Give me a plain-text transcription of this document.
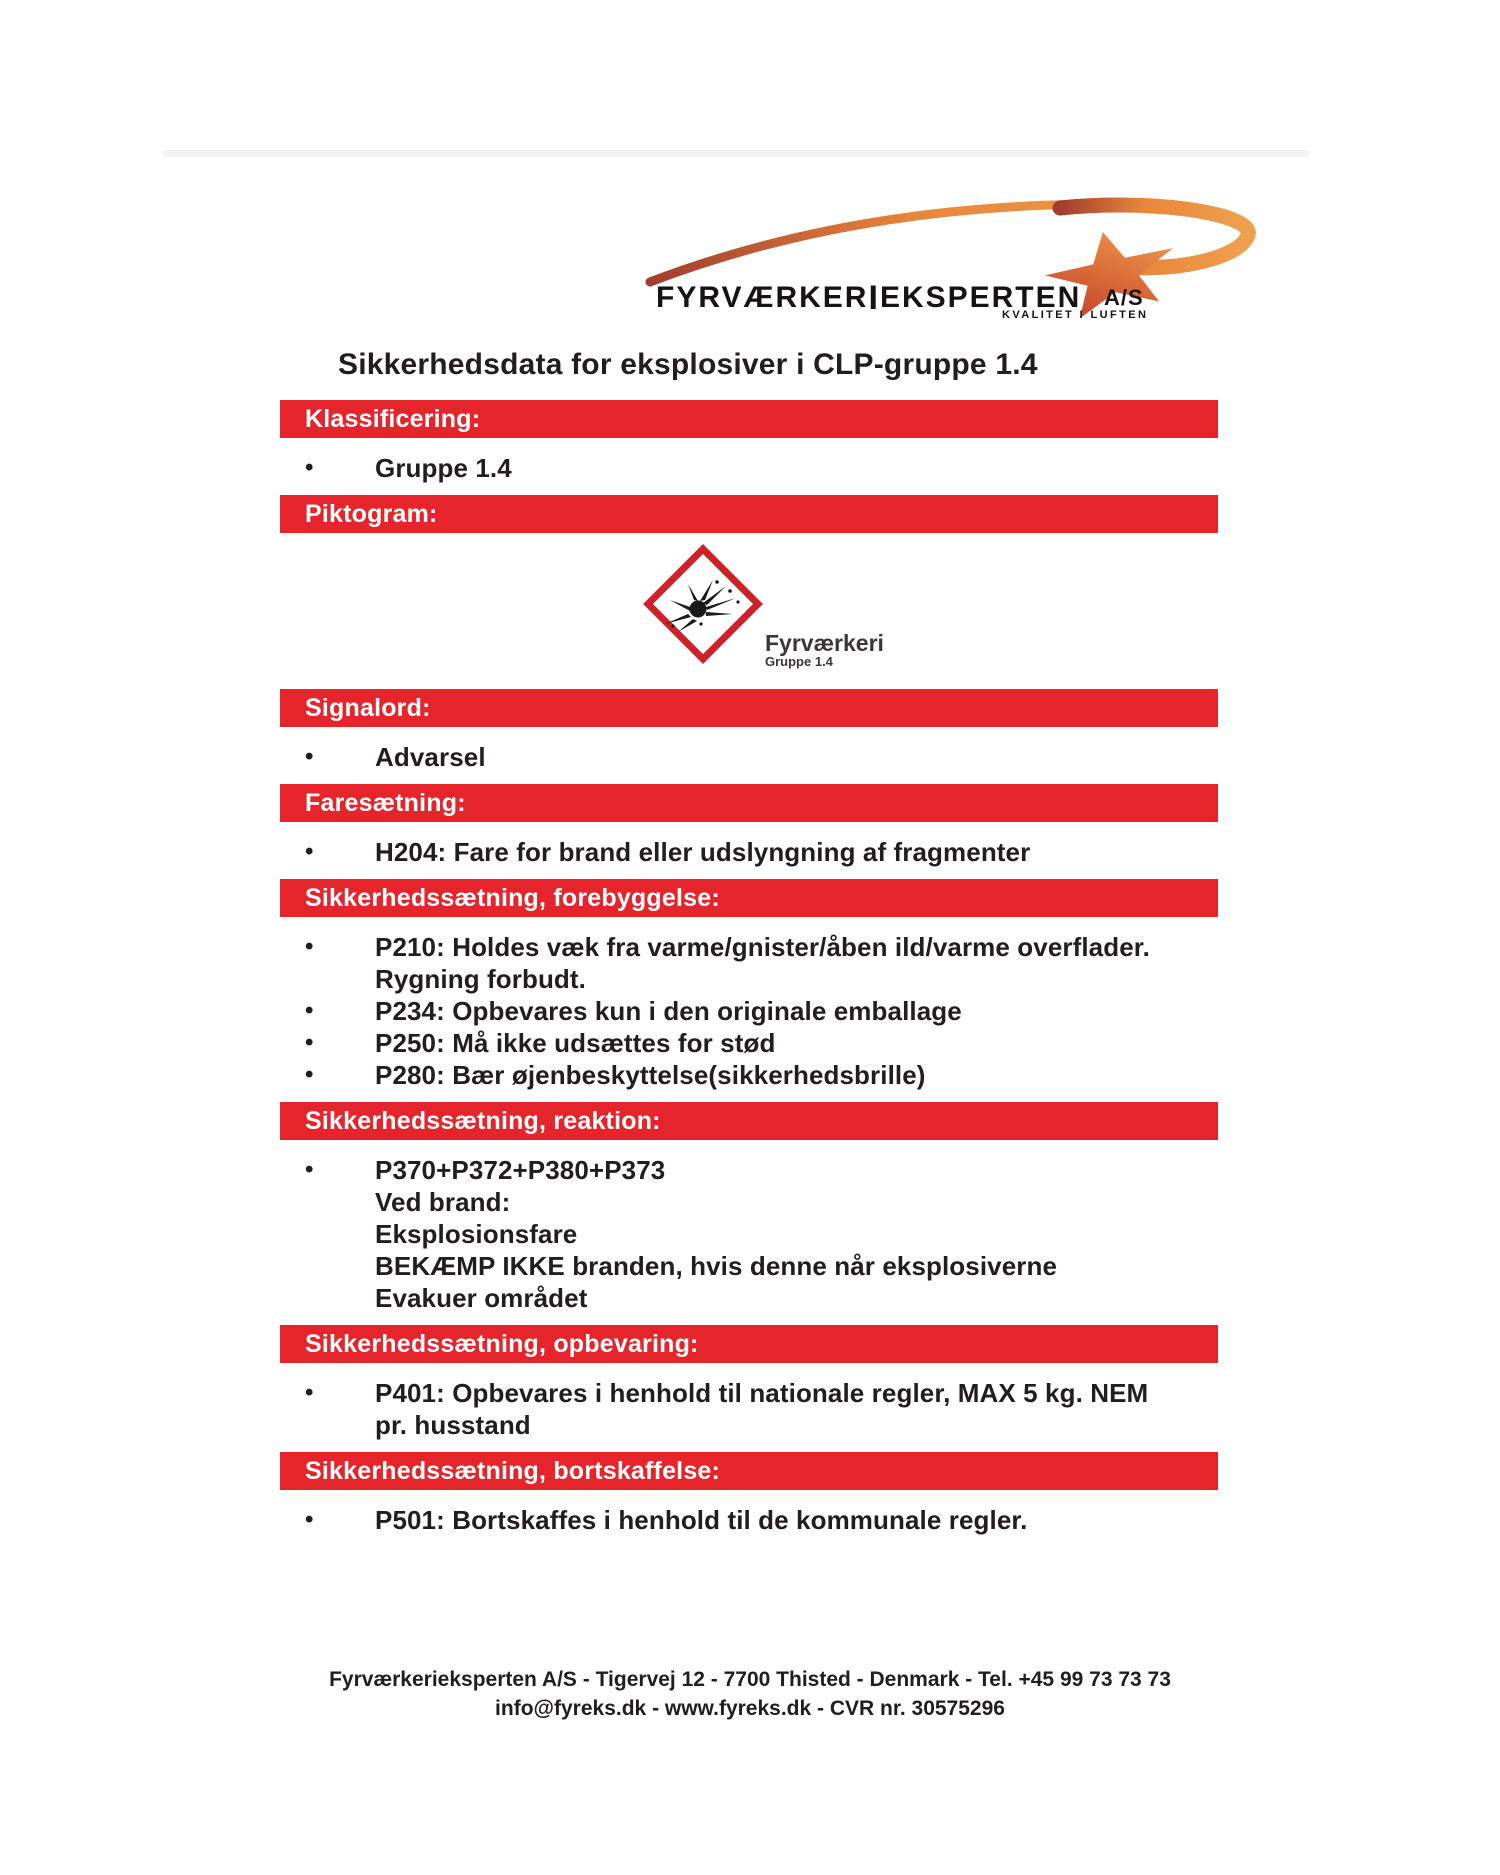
FYRVÆRKERIEKSPERTEN A/S
KVALITET I LUFTEN
Sikkerhedsdata for eksplosiver i CLP-gruppe 1.4
Klassificering:
• Gruppe 1.4
Piktogram:
Fyrværkeri
Gruppe 1.4
Signalord:
• Advarsel
Faresætning:
• H204: Fare for brand eller udslyngning af fragmenter
Sikkerhedssætning, forebyggelse:
• P210: Holdes væk fra varme/gnister/åben ild/varme overflader.
Rygning forbudt.
• P234: Opbevares kun i den originale emballage
• P250: Må ikke udsættes for stød
• P280: Bær øjenbeskyttelse(sikkerhedsbrille)
Sikkerhedssætning, reaktion:
• P370+P372+P380+P373
Ved brand:
Eksplosionsfare
BEKÆMP IKKE branden, hvis denne når eksplosiverne
Evakuer området
Sikkerhedssætning, opbevaring:
• P401: Opbevares i henhold til nationale regler, MAX 5 kg. NEM
pr. husstand
Sikkerhedssætning, bortskaffelse:
• P501: Bortskaffes i henhold til de kommunale regler.
Fyrværkerieksperten A/S - Tigervej 12 - 7700 Thisted - Denmark - Tel. +45 99 73 73 73
info@fyreks.dk - www.fyreks.dk - CVR nr. 30575296
